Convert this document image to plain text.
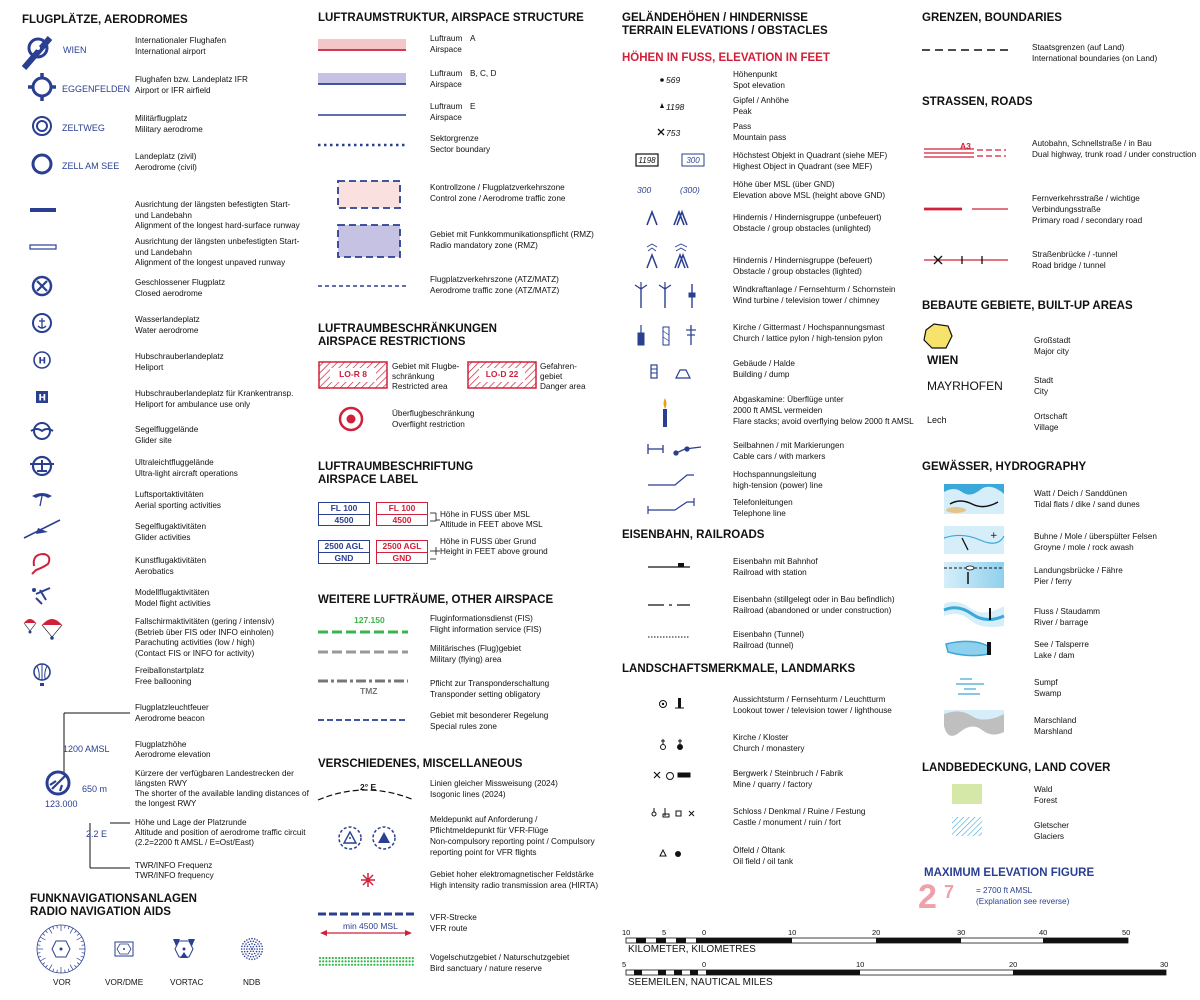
FLUGPLÄTZE, AERODROMES
WIEN
Internationaler Flughafen
International airport
EGGENFELDEN
Flughafen bzw. Landeplatz IFR
Airport or IFR airfield
ZELTWEG
Militärflugplatz
Military aerodrome
ZELL AM SEE
Landeplatz (zivil)
Aerodrome (civil)
Ausrichtung der längsten befestigten Start-
und Landebahn
Alignment of the longest hard-surface runway
Ausrichtung der längsten unbefestigten Start-
und Landebahn
Alignment of the longest unpaved runway
Geschlossener Flugplatz
Closed aerodrome
Wasserlandeplatz
Water aerodrome
H	Hubschrauberlandeplatz
Heliport
H	Hubschrauberlandeplatz für Krankentransp.
Heliport for ambulance use only
Segelfluggelände
Glider site
Ultraleichtfluggelände
Ultra-light aircraft operations
Luftsportaktivitäten
Aerial sporting activities
Segelflugaktivitäten
Glider activities
Kunstflugaktivitäten
Aerobatics
Modellflugaktivitäten
Model flight activities
Fallschirmaktivitäten (gering / intensiv)
(Betrieb über FIS oder INFO einholen)
Parachuting activities (low / high)
(Contact FIS or INFO for activity)
Freiballonstartplatz
Free ballooning
Flugplatzleuchtfeuer
Aerodrome beacon
1200 AMSL	Flugplatzhöhe
Aerodrome elevation
650 m
Kürzere der verfügbaren Landestrecken der
längsten RWY
The shorter of the available landing distances of
the longest RWY
123.000
2.2 E
Höhe und Lage der Platzrunde
Altitude and position of aerodrome traffic circuit
(2.2=2200 ft AMSL / E=Ost/East)
TWR/INFO Frequenz
TWR/INFO frequency
FUNKNAVIGATIONSANLAGEN
RADIO NAVIGATION AIDS
VOR	VOR/DME	VORTAC	NDB
LUFTRAUMSTRUKTUR, AIRSPACE STRUCTURE
Luftraum A
Airspace
Luftraum B, C, D
Airspace
Luftraum E
Airspace
Sektorgrenze
Sector boundary
Kontrollzone / Flugplatzverkehrszone
Control zone / Aerodrome traffic zone
Gebiet mit Funkkommunikationspflicht (RMZ)
Radio mandatory zone (RMZ)
Flugplatzverkehrszone (ATZ/MATZ)
Aerodrome traffic zone (ATZ/MATZ)
LUFTRAUMBESCHRÄNKUNGEN
AIRSPACE RESTRICTIONS
LO-R 8	LO-D 22
Gebiet mit Flugbe-
schränkung
Restricted area
Gefahren-
gebiet
Danger area
Überflugbeschränkung
Overflight restriction
LUFTRAUMBESCHRIFTUNG
AIRSPACE LABEL
FL 100
4500
FL 100
4500
2500 AGL
GND
2500 AGL
GND
Höhe in FUSS über MSL
Altitude in FEET above MSL
Höhe in FUSS über Grund
Height in FEET above ground
WEITERE LUFTRÄUME, OTHER AIRSPACE
127.150
TMZ
Fluginformationsdienst (FIS)
Flight information service (FIS)
Militärisches (Flug)gebiet
Military (flying) area
Pflicht zur Transponderschaltung
Transponder setting obligatory
Gebiet mit besonderer Regelung
Special rules zone
VERSCHIEDENES, MISCELLANEOUS
2° E
min 4500 MSL
Linien gleicher Missweisung (2024)
Isogonic lines (2024)
Meldepunkt auf Anforderung /
Pflichtmeldepunkt für VFR-Flüge
Non-compulsory reporting point / Compulsory
reporting point for VFR flights
Gebiet hoher elektromagnetischer Feldstärke
High intensity radio transmission area (HIRTA)
VFR-Strecke
VFR route
Vogelschutzgebiet / Naturschutzgebiet
Bird sanctuary / nature reserve
GELÄNDEHÖHEN / HINDERNISSE
TERRAIN ELEVATIONS / OBSTACLES
HÖHEN IN FUSS, ELEVATION IN FEET
569
1198
753
1198	300
300	(300)
Höhenpunkt
Spot elevation
Gipfel / Anhöhe
Peak
Pass
Mountain pass
Höchstest Objekt in Quadrant (siehe MEF)
Highest Object in Quadrant (see MEF)
Höhe über MSL (über GND)
Elevation above MSL (height above GND)
Hindernis / Hindernisgruppe (unbefeuert)
Obstacle / group obstacles (unlighted)
Hindernis / Hindernisgruppe (befeuert)
Obstacle / group obstacles (lighted)
Windkraftanlage / Fernsehturm / Schornstein
Wind turbine / television tower / chimney
Kirche / Gittermast / Hochspannungsmast
Church / lattice pylon / high-tension pylon
Gebäude / Halde
Building / dump
Abgaskamine: Überflüge unter
2000 ft AMSL vermeiden
Flare stacks; avoid overflying below 2000 ft AMSL
Seilbahnen / mit Markierungen
Cable cars / with markers
Hochspannungsleitung
high-tension (power) line
Telefonleitungen
Telephone line
EISENBAHN, RAILROADS
Eisenbahn mit Bahnhof
Railroad with station
Eisenbahn (stillgelegt oder in Bau befindlich)
Railroad (abandoned or under construction)
Eisenbahn (Tunnel)
Railroad (tunnel)
LANDSCHAFTSMERKMALE, LANDMARKS
Aussichtsturm / Fernsehturm / Leuchtturm
Lookout tower / television tower / lighthouse
Kirche / Kloster
Church / monastery
Bergwerk / Steinbruch / Fabrik
Mine / quarry / factory
Schloss / Denkmal / Ruine / Festung
Castle / monument / ruin / fort
Ölfeld / Öltank
Oil field / oil tank
10	5	0	10	20	30	40	50
5	0	10	20	30
KILOMETER, KILOMETRES
SEEMEILEN, NAUTICAL MILES
GRENZEN, BOUNDARIES
A3
Staatsgrenzen (auf Land)
International boundaries (on Land)
STRASSEN, ROADS
Autobahn, Schnellstraße / in Bau
Dual highway, trunk road / under construction
Fernverkehrsstraße / wichtige
Verbindungsstraße
Primary road / secondary road
Straßenbrücke / -tunnel
Road bridge / tunnel
BEBAUTE GEBIETE, BUILT-UP AREAS
WIEN
MAYRHOFEN
Lech
Großstadt
Major city
Stadt
City
Ortschaft
Village
GEWÄSSER, HYDROGRAPHY
+
Watt / Deich / Sanddünen
Tidal flats / dike / sand dunes
Buhne / Mole / überspülter Felsen
Groyne / mole / rock awash
Landungsbrücke / Fähre
Pier / ferry
Fluss / Staudamm
River / barrage
See / Talsperre
Lake / dam
Sumpf
Swamp
Marschland
Marshland
LANDBEDECKUNG, LAND COVER
Wald
Forest
Gletscher
Glaciers
MAXIMUM ELEVATION FIGURE
2 7	= 2700 ft AMSL
(Explanation see reverse)
